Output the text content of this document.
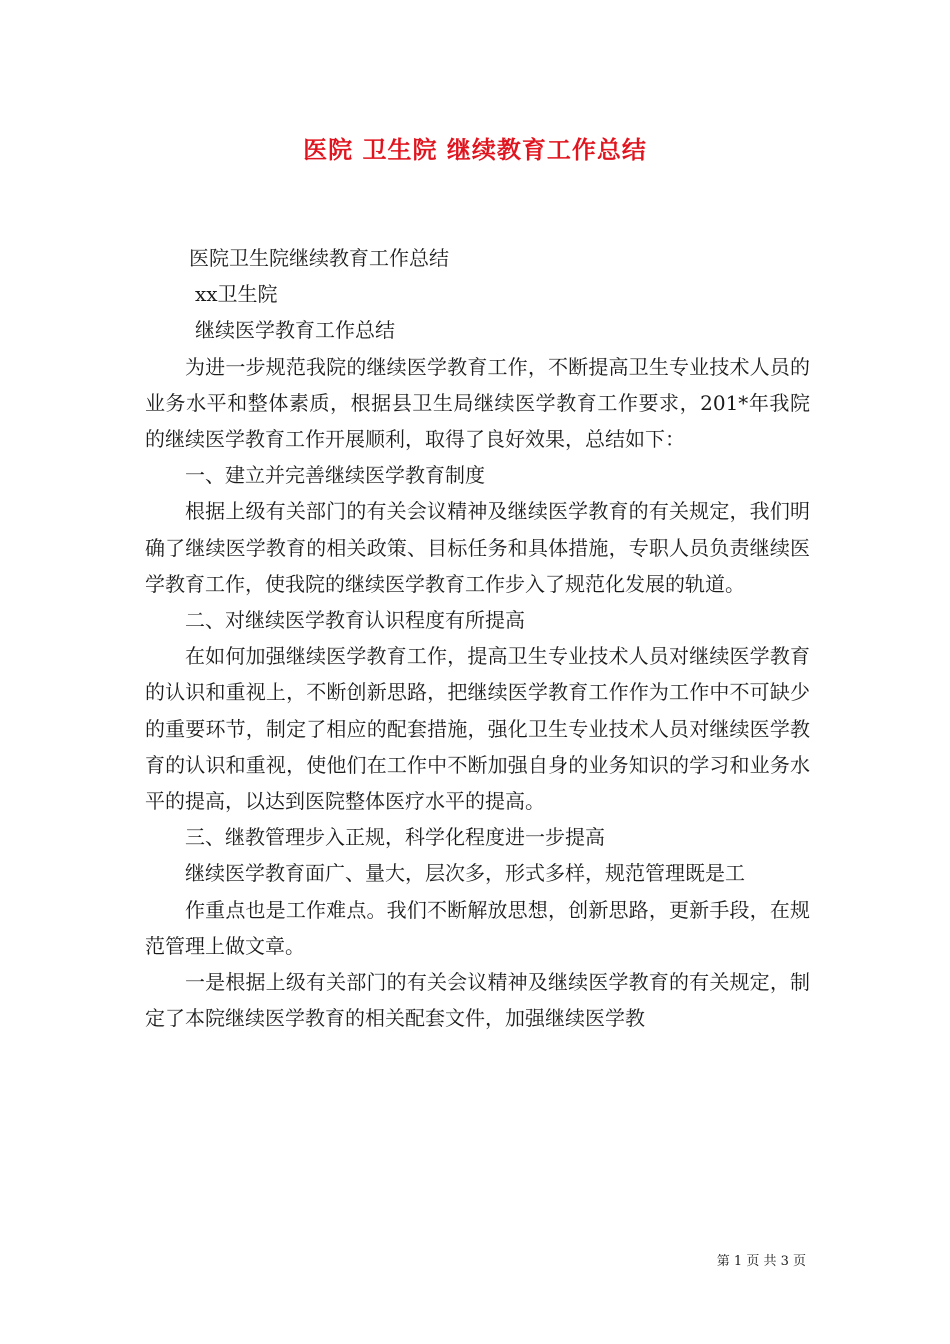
医院 卫生院 继续教育工作总结

医院卫生院继续教育工作总结

xx卫生院

继续医学教育工作总结

为进一步规范我院的继续医学教育工作，不断提高卫生专业技术人员的业务水平和整体素质，根据县卫生局继续医学教育工作要求，201*年我院的继续医学教育工作开展顺利，取得了良好效果，总结如下：

一、建立并完善继续医学教育制度

根据上级有关部门的有关会议精神及继续医学教育的有关规定，我们明确了继续医学教育的相关政策、目标任务和具体措施，专职人员负责继续医学教育工作，使我院的继续医学教育工作步入了规范化发展的轨道。

二、对继续医学教育认识程度有所提高

在如何加强继续医学教育工作，提高卫生专业技术人员对继续医学教育的认识和重视上，不断创新思路，把继续医学教育工作作为工作中不可缺少的重要环节，制定了相应的配套措施，强化卫生专业技术人员对继续医学教育的认识和重视，使他们在工作中不断加强自身的业务知识的学习和业务水平的提高，以达到医院整体医疗水平的提高。

三、继教管理步入正规，科学化程度进一步提高

继续医学教育面广、量大，层次多，形式多样，规范管理既是工

作重点也是工作难点。我们不断解放思想，创新思路，更新手段，在规范管理上做文章。

一是根据上级有关部门的有关会议精神及继续医学教育的有关规定，制定了本院继续医学教育的相关配套文件，加强继续医学教

第 1 页 共 3 页
